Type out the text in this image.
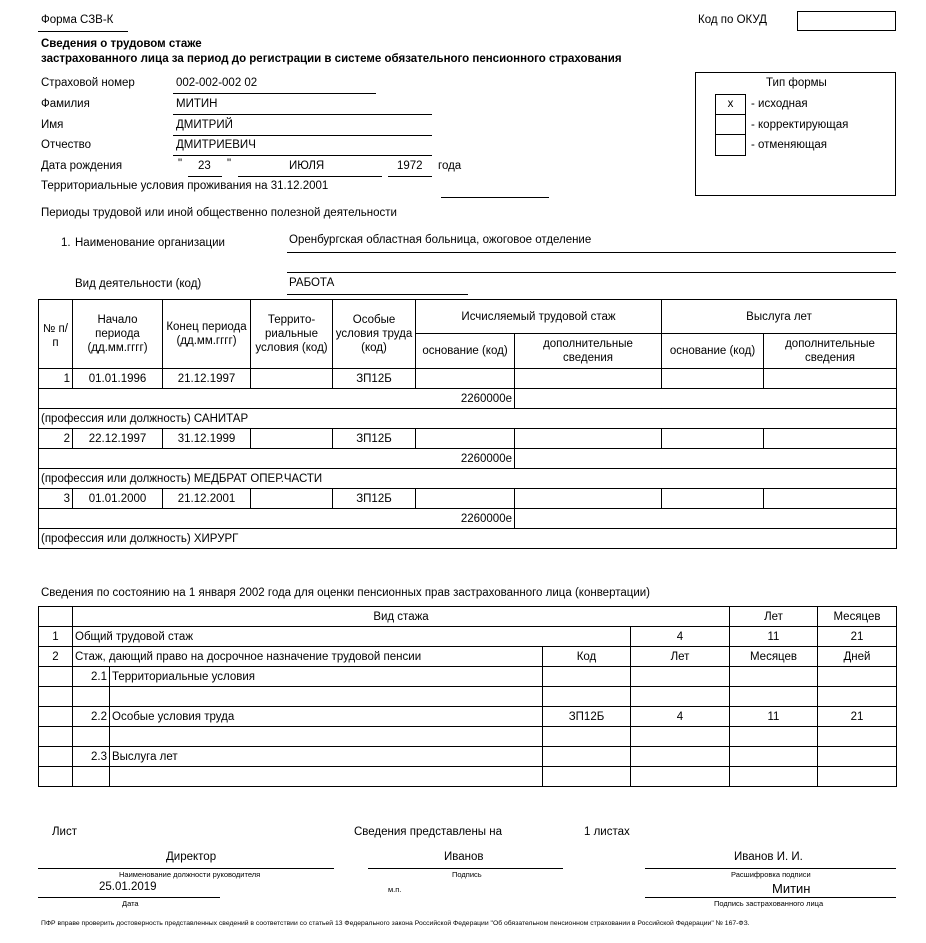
Форма СЗВ-К	Код по ОКУД
Сведения о трудовом стаже
застрахованного лица за период до регистрации в системе обязательного пенсионного страхования
Страховой номер	002-002-002 02
Фамилия	МИТИН
Имя	ДМИТРИЙ
Отчество	ДМИТРИЕВИЧ
Дата рождения	" 23 "	ИЮЛЯ	1972 года
Территориальные условия проживания на 31.12.2001
Тип формы
x	- исходная
- корректирующая
- отменяющая
Периоды трудовой или иной общественно полезной деятельности
1. Наименование организации	Оренбургская областная больница, ожоговое отделение
Вид деятельности (код)	РАБОТА
№ п/п	Начало периода (дд.мм.гггг)	Конец периода (дд.мм.гггг)	Террито-риальные условия (код)	Особые условия труда (код)	Исчисляемый трудовой стаж		Выслуга лет	
					основание (код)	дополнительные сведения	основание (код)	дополнительные сведения
1	01.01.1996	21.12.1997		ЗП12Б				
	2260000е							
(профессия или должность) САНИТАР								
2	22.12.1997	31.12.1999		ЗП12Б				
	2260000е							
(профессия или должность) МЕДБРАТ ОПЕР.ЧАСТИ								
3	01.01.2000	21.12.2001		ЗП12Б				
	2260000е							
(профессия или должность) ХИРУРГ								
Сведения по состоянию на 1 января 2002 года для оценки пенсионных прав застрахованного лица (конвертации)
	Вид стажа				Лет	Месяцев	
1	Общий трудовой стаж			4	11	21	
2	Стаж, дающий право на досрочное назначение трудовой пенсии		Код	Лет	Месяцев	Дней	
	2.1	Территориальные условия					

	2.2	Особые условия труда	ЗП12Б	4	11	21	

	2.3	Выслуга лет					

Лист	Сведения представлены на	1 листах
Директор
Наименование должности руководителя
Иванов
Подпись
Иванов И. И.
Расшифровка подписи
25.01.2019
Дата
м.п.	Митин
Подпись застрахованного лица
ПФР вправе проверить достоверность представленных сведений в соответствии со статьей 13 Федерального закона Российской Федерации "Об обязательном пенсионном страховании в Российской Федерации" № 167-ФЗ.
